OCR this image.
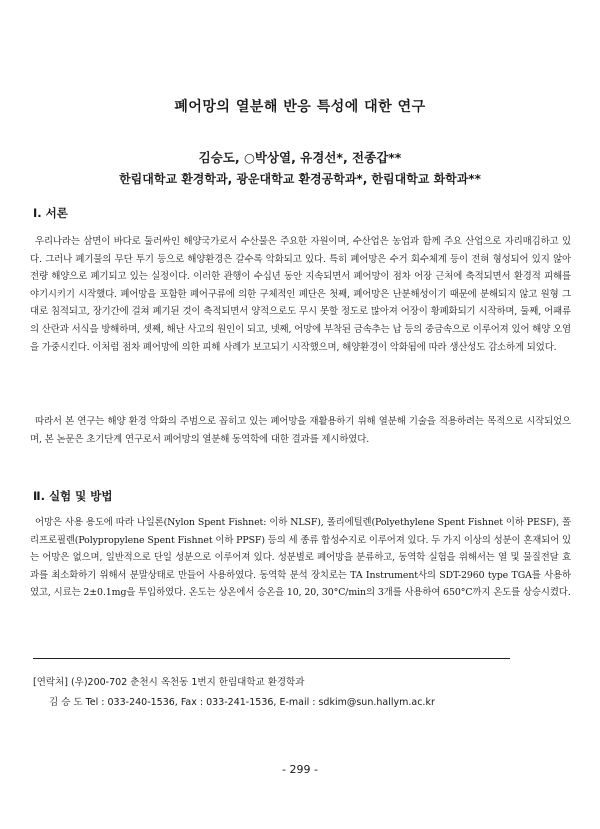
폐어망의 열분해 반응 특성에 대한 연구
김승도, ○박상열, 유경선*, 전종갑**
한림대학교 환경학과, 광운대학교 환경공학과*, 한림대학교 화학과**
Ⅰ. 서론

우리나라는 삼면이 바다로 둘러싸인 해양국가로서 수산물은 주요한 자원이며, 수산업은 농업과 함께 주요 산업으로 자리매김하고 있다. 그러나 폐기물의 무단 투기 등으로 해양환경은 갈수록 악화되고 있다. 특히 폐어망은 수거 회수체계 등이 전혀 형성되어 있지 않아 전량 해양으로 폐기되고 있는 실정이다. 이러한 관행이 수십년 동안 지속되면서 폐어망이 점차 어장 근처에 축적되면서 환경적 피해를 야기시키기 시작했다. 폐어망을 포함한 폐어구류에 의한 구체적인 폐단은 첫째, 폐어망은 난분해성이기 때문에 분해되지 않고 원형 그대로 침적되고, 장기간에 걸쳐 폐기된 것이 축적되면서 양적으로도 무시 못할 정도로 많아져 어장이 황폐화되기 시작하며, 둘째, 어패류의 산란과 서식을 방해하며, 셋째, 해난 사고의 원인이 되고, 넷째, 어망에 부착된 금속추는 납 등의 중금속으로 이루어져 있어 해양 오염을 가중시킨다. 이처럼 점차 폐어망에 의한 피해 사례가 보고되기 시작했으며, 해양환경이 악화됨에 따라 생산성도 감소하게 되었다.

따라서 본 연구는 해양 환경 악화의 주범으로 꼽히고 있는 폐어망을 재활용하기 위해 열분해 기술을 적용하려는 목적으로 시작되었으며, 본 논문은 초기단계 연구로서 폐어망의 열분해 동역학에 대한 결과를 제시하였다.

Ⅱ. 실험 및 방법

어망은 사용 용도에 따라 나일론(Nylon Spent Fishnet: 이하 NLSF), 폴리에틸렌(Polyethylene Spent Fishnet 이하 PESF), 폴리프로필렌(Polypropylene Spent Fishnet 이하 PPSF) 등의 세 종류 합성수지로 이루어져 있다. 두 가지 이상의 성분이 혼재되어 있는 어망은 없으며, 일반적으로 단일 성분으로 이루어져 있다. 성분별로 폐어망을 분류하고, 동역학 실험을 위해서는 열 및 물질전달 효과를 최소화하기 위해서 분말상태로 만들어 사용하였다. 동역학 분석 장치로는 TA Instrument사의 SDT-2960 type TGA를 사용하였고, 시료는 2±0.1mg을 투입하였다. 온도는 상온에서 승온을 10, 20, 30°C/min의 3개를 사용하여 650°C까지 온도를 상승시켰다.

[연락처] (우)200-702 춘천시 옥천동 1번지 한림대학교 환경학과
김 승 도 Tel : 033-240-1536, Fax : 033-241-1536, E-mail : sdkim@sun.hallym.ac.kr
- 299 -
